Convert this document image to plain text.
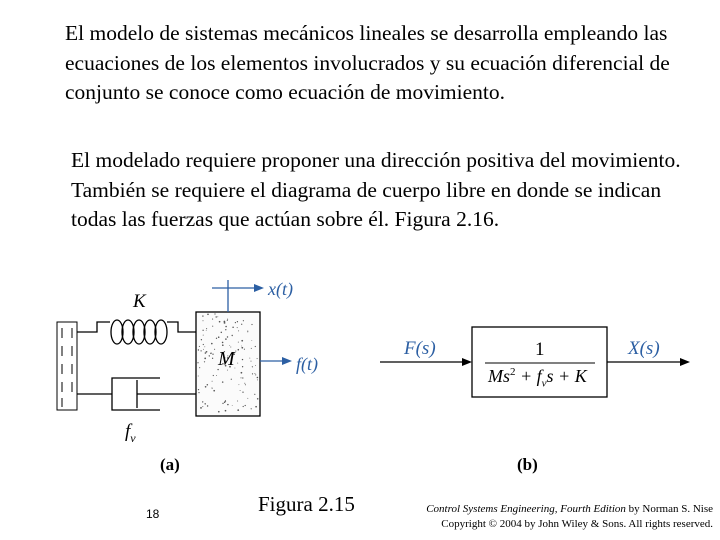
El modelo de sistemas mecánicos lineales se desarrolla empleando las ecuaciones de los elementos involucrados y su ecuación diferencial de conjunto se conoce como ecuación de movimiento.

El modelado requiere proponer una dirección positiva del movimiento. También se requiere el diagrama de cuerpo libre en donde se indican todas las fuerzas que actúan sobre él. Figura 2.16.

K
M
$f_v$
x(t)
f(t)
(a)
F(s)	X(s)
1
$Ms^2 + f_vs + K$
(b)
18	Figura 2.15	Control Systems Engineering, Fourth Edition by Norman S. Nise
Copyright © 2004 by John Wiley & Sons. All rights reserved.
